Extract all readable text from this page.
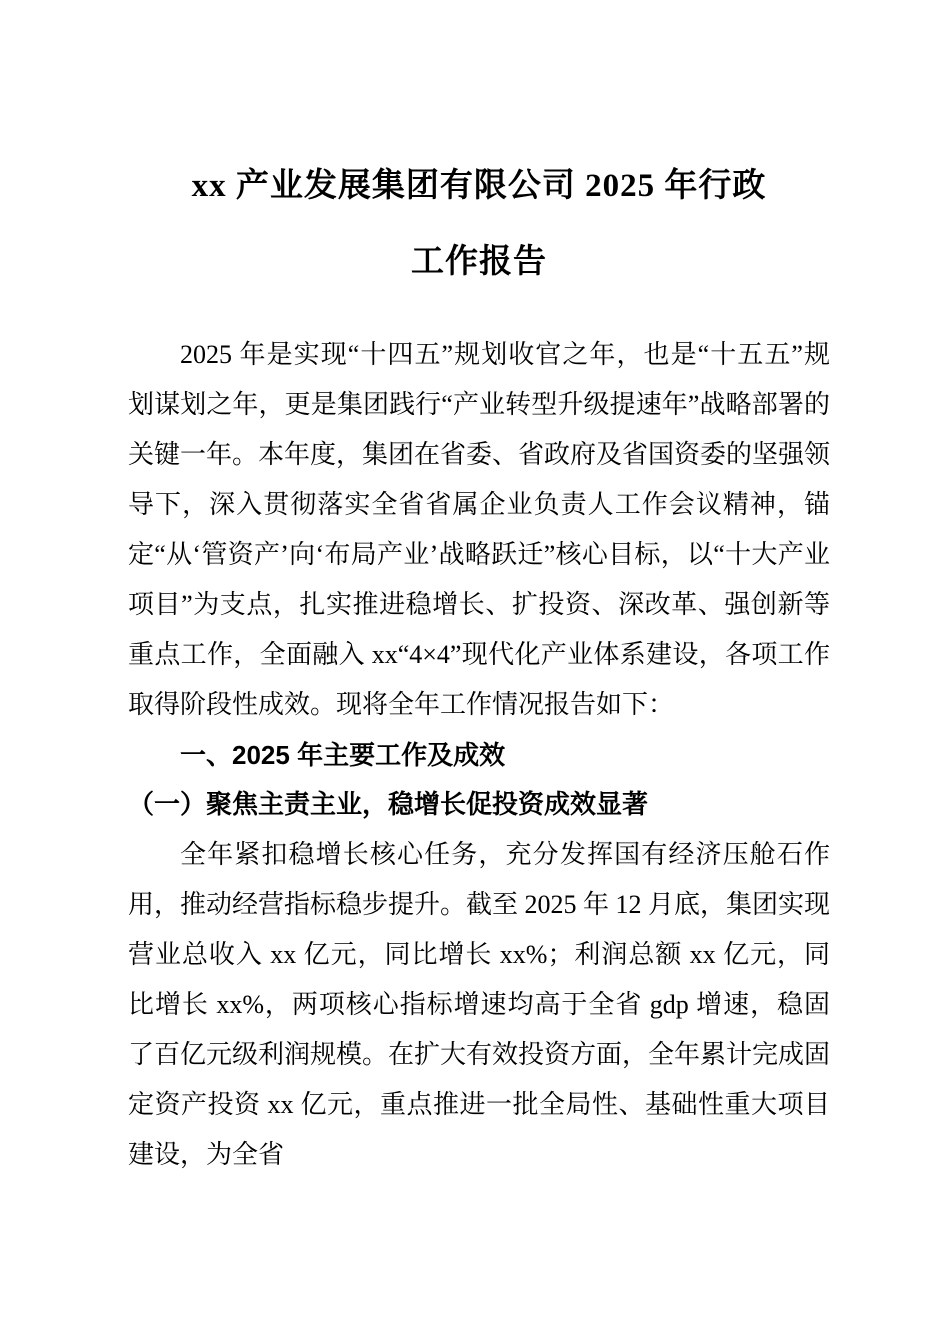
xx 产业发展集团有限公司 2025 年行政
工作报告

2025 年是实现“十四五”规划收官之年，也是“十五五”规划谋划之年，更是集团践行“产业转型升级提速年”战略部署的关键一年。本年度，集团在省委、省政府及省国资委的坚强领导下，深入贯彻落实全省省属企业负责人工作会议精神，锚定“从‘管资产’向‘布局产业’战略跃迁”核心目标，以“十大产业项目”为支点，扎实推进稳增长、扩投资、深改革、强创新等重点工作，全面融入 xx“4×4”现代化产业体系建设，各项工作取得阶段性成效。现将全年工作情况报告如下：

一、2025 年主要工作及成效
（一）聚焦主责主业，稳增长促投资成效显著

全年紧扣稳增长核心任务，充分发挥国有经济压舱石作用，推动经营指标稳步提升。截至 2025 年 12 月底，集团实现营业总收入 xx 亿元，同比增长 xx%；利润总额 xx 亿元，同比增长 xx%，两项核心指标增速均高于全省 gdp 增速，稳固了百亿元级利润规模。在扩大有效投资方面，全年累计完成固定资产投资 xx 亿元，重点推进一批全局性、基础性重大项目建设，为全省
